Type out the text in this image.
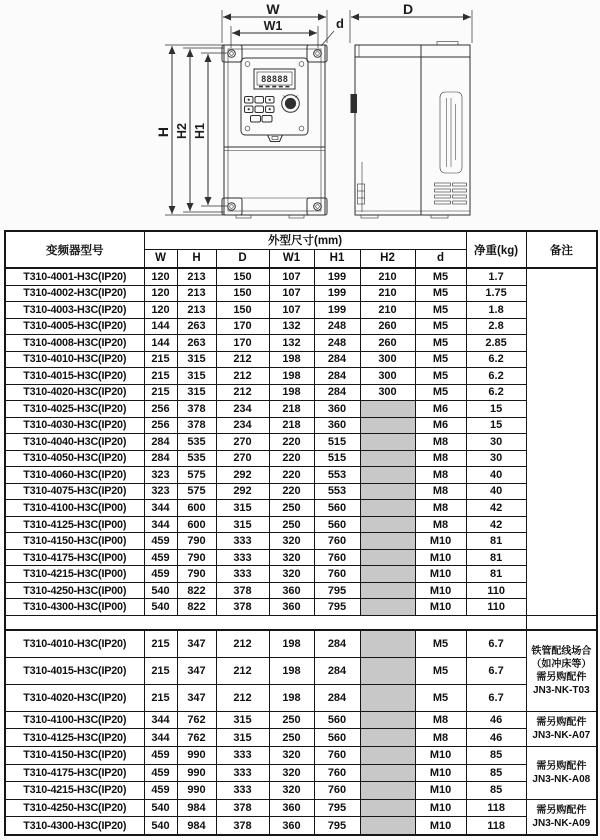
W
W1	d
H H2 H1
88888
D
变频器型号	外型尺寸(mm)							净重(kg)	备注
	W	H	D	W1	H1	H2	d		
T310-4001-H3C(IP20)	120	213	150	107	199	210	M5	1.7	
T310-4002-H3C(IP20)	120	213	150	107	199	210	M5	1.75	
T310-4003-H3C(IP20)	120	213	150	107	199	210	M5	1.8	
T310-4005-H3C(IP20)	144	263	170	132	248	260	M5	2.8	
T310-4008-H3C(IP20)	144	263	170	132	248	260	M5	2.85	
T310-4010-H3C(IP20)	215	315	212	198	284	300	M5	6.2	
T310-4015-H3C(IP20)	215	315	212	198	284	300	M5	6.2	
T310-4020-H3C(IP20)	215	315	212	198	284	300	M5	6.2	
T310-4025-H3C(IP20)	256	378	234	218	360		M6	15	
T310-4030-H3C(IP20)	256	378	234	218	360		M6	15	
T310-4040-H3C(IP20)	284	535	270	220	515		M8	30	
T310-4050-H3C(IP20)	284	535	270	220	515		M8	30	
T310-4060-H3C(IP20)	323	575	292	220	553		M8	40	
T310-4075-H3C(IP20)	323	575	292	220	553		M8	40	
T310-4100-H3C(IP00)	344	600	315	250	560		M8	42	
T310-4125-H3C(IP00)	344	600	315	250	560		M8	42	
T310-4150-H3C(IP00)	459	790	333	320	760		M10	81	
T310-4175-H3C(IP00)	459	790	333	320	760		M10	81	
T310-4215-H3C(IP00)	459	790	333	320	760		M10	81	
T310-4250-H3C(IP00)	540	822	378	360	795		M10	110	
T310-4300-H3C(IP00)	540	822	378	360	795		M10	110	

T310-4010-H3C(IP20)	215	347	212	198	284		M5	6.7	铁管配线场合
（如冲床等）
需另购配件
JN3-NK-T03

T310-4015-H3C(IP20)	215	347	212	198	284		M5	6.7	
T310-4020-H3C(IP20)	215	347	212	198	284		M5	6.7	
T310-4100-H3C(IP20)	344	762	315	250	560		M8	46	需另购配件
JN3-NK-A07

T310-4125-H3C(IP20)	344	762	315	250	560		M8	46	
T310-4150-H3C(IP20)	459	990	333	320	760		M10	85	需另购配件
JN3-NK-A08

T310-4175-H3C(IP20)	459	990	333	320	760		M10	85	
T310-4215-H3C(IP20)	459	990	333	320	760		M10	85	
T310-4250-H3C(IP20)	540	984	378	360	795		M10	118	需另购配件
JN3-NK-A09

T310-4300-H3C(IP20)	540	984	378	360	795		M10	118	
